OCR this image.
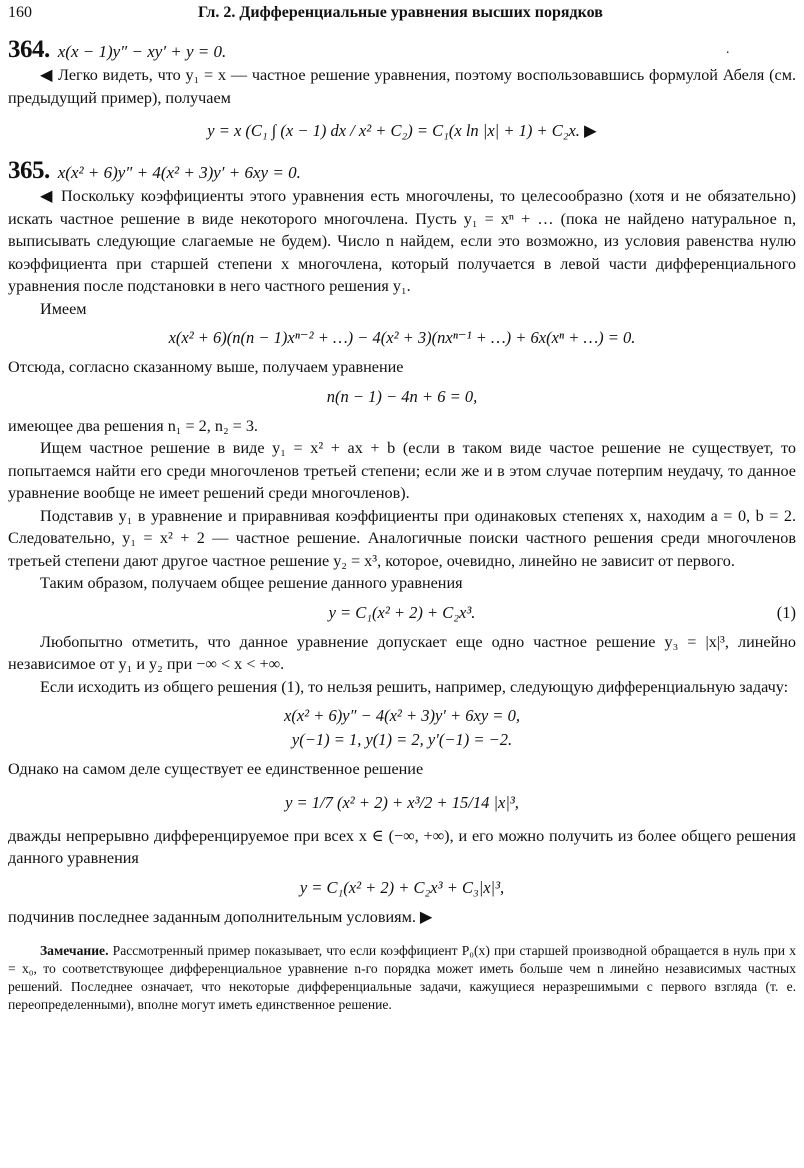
160	Гл. 2. Дифференциальные уравнения высших порядков
364. x(x − 1)y″ − xy′ + y = 0.	·

◀ Легко видеть, что y₁ = x — частное решение уравнения, поэтому воспользовавшись формулой Абеля (см. предыдущий пример), получаем

y = x (C₁ ∫ (x − 1) dx / x² + C₂) = C₁(x ln |x| + 1) + C₂x. ▶
365. x(x² + 6)y″ + 4(x² + 3)y′ + 6xy = 0.

◀ Поскольку коэффициенты этого уравнения есть многочлены, то целесообразно (хотя и не обязательно) искать частное решение в виде некоторого многочлена. Пусть y₁ = xⁿ + … (пока не найдено натуральное n, выписывать следующие слагаемые не будем). Число n найдем, если это возможно, из условия равенства нулю коэффициента при старшей степени x многочлена, который получается в левой части дифференциального уравнения после подстановки в него частного решения y₁.

Имеем

x(x² + 6)(n(n − 1)xⁿ⁻² + …) − 4(x² + 3)(nxⁿ⁻¹ + …) + 6x(xⁿ + …) = 0.

Отсюда, согласно сказанному выше, получаем уравнение

n(n − 1) − 4n + 6 = 0,

имеющее два решения n₁ = 2, n₂ = 3.

Ищем частное решение в виде y₁ = x² + ax + b (если в таком виде частое решение не существует, то попытаемся найти его среди многочленов третьей степени; если же и в этом случае потерпим неудачу, то данное уравнение вообще не имеет решений среди многочленов).

Подставив y₁ в уравнение и приравнивая коэффициенты при одинаковых степенях x, находим a = 0, b = 2. Следовательно, y₁ = x² + 2 — частное решение. Аналогичные поиски частного решения среди многочленов третьей степени дают другое частное решение y₂ = x³, которое, очевидно, линейно не зависит от первого.

Таким образом, получаем общее решение данного уравнения

y = C₁(x² + 2) + C₂x³.	(1)

Любопытно отметить, что данное уравнение допускает еще одно частное решение y₃ = |x|³, линейно независимое от y₁ и y₂ при −∞ < x < +∞.

Если исходить из общего решения (1), то нельзя решить, например, следующую дифференциальную задачу:

x(x² + 6)y″ − 4(x² + 3)y′ + 6xy = 0,
y(−1) = 1, y(1) = 2, y′(−1) = −2.

Однако на самом деле существует ее единственное решение

y = 1/7 (x² + 2) + x³/2 + 15/14 |x|³,

дважды непрерывно дифференцируемое при всех x ∈ (−∞, +∞), и его можно получить из более общего решения данного уравнения

y = C₁(x² + 2) + C₂x³ + C₃|x|³,

подчинив последнее заданным дополнительным условиям. ▶

Замечание. Рассмотренный пример показывает, что если коэффициент P₀(x) при старшей производной обращается в нуль при x = x₀, то соответствующее дифференциальное уравнение n-го порядка может иметь больше чем n линейно независимых частных решений. Последнее означает, что некоторые дифференциальные задачи, кажущиеся неразрешимыми с первого взгляда (т. е. переопределенными), вполне могут иметь единственное решение.
